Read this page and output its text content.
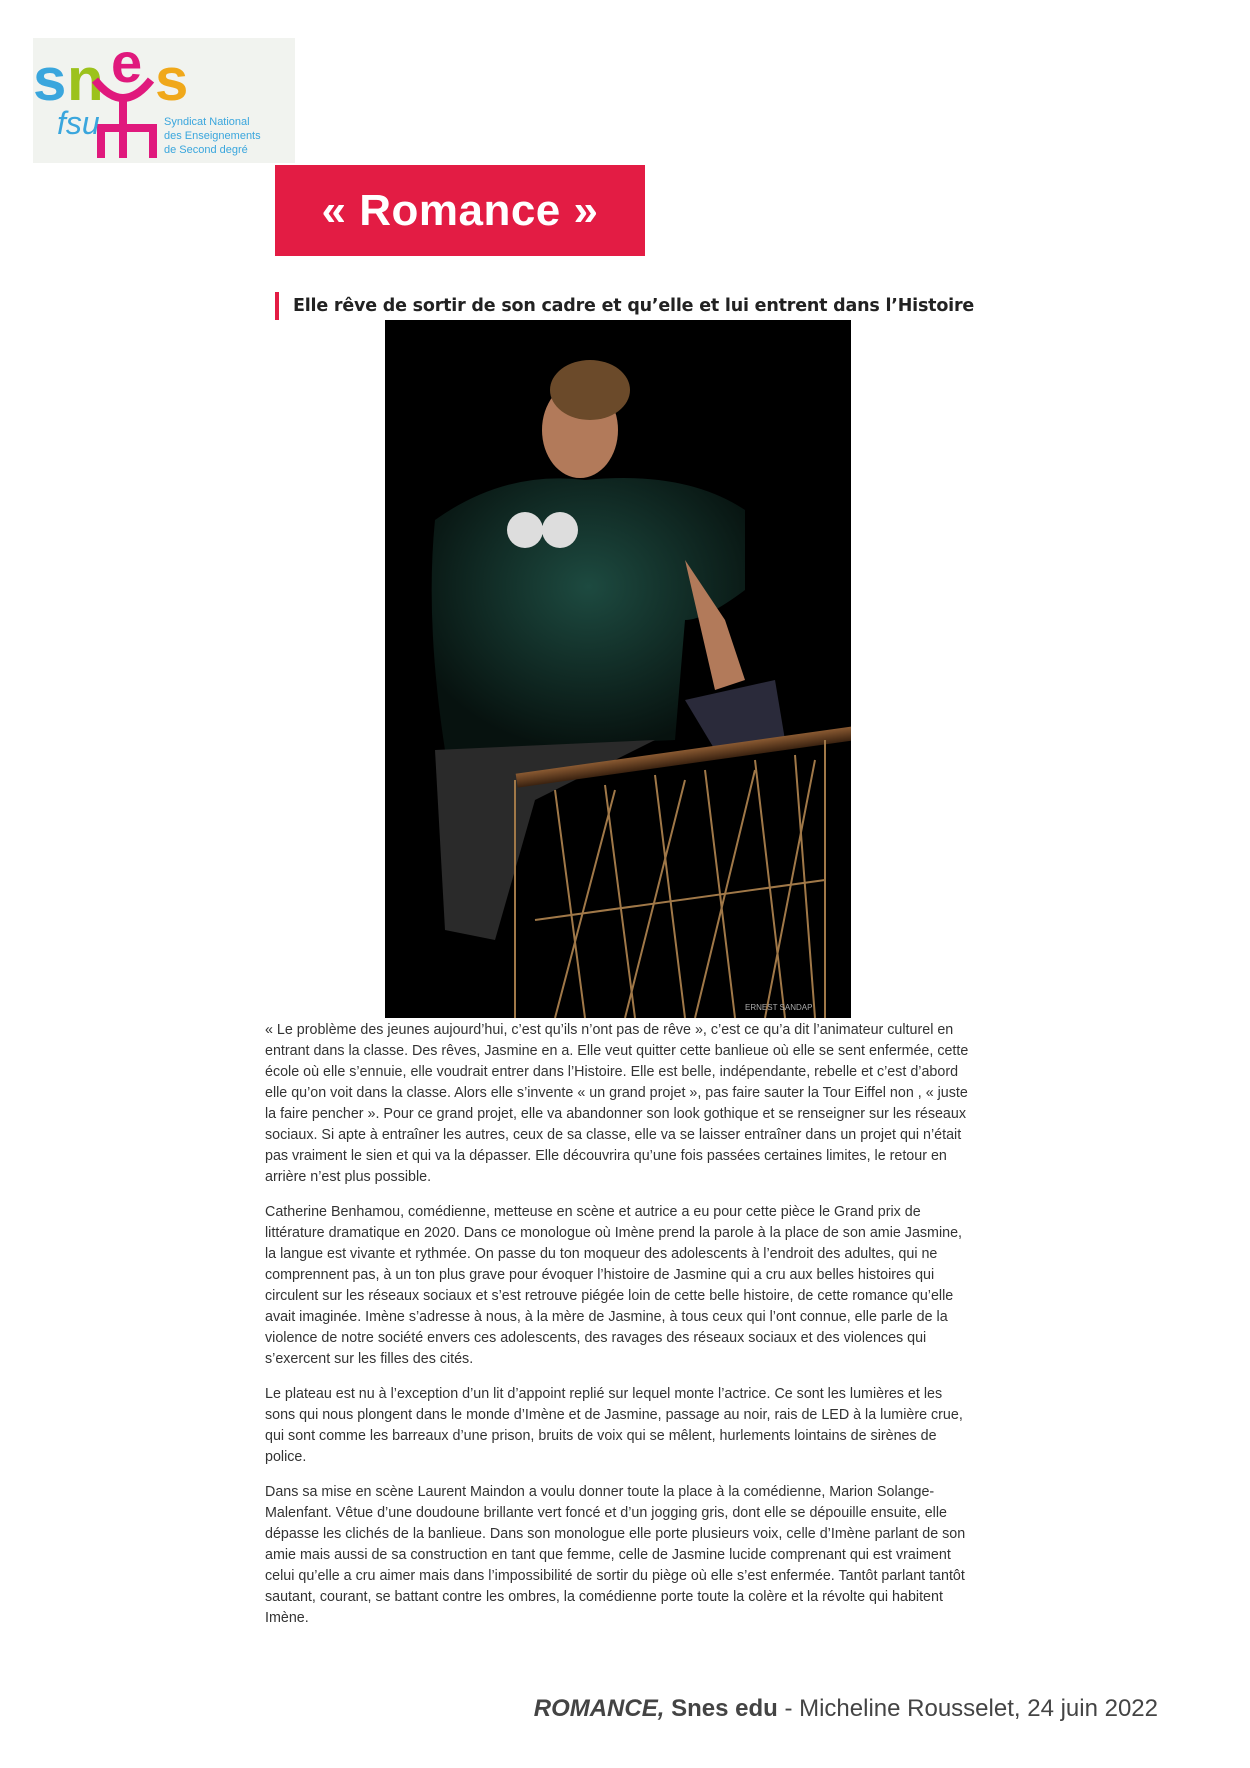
s n e s
fsu	Syndicat National
des Enseignements
de Second degré
« Romance »
Elle rêve de sortir de son cadre et qu’elle et lui entrent dans l’Histoire
ERNEST SANDAP

« Le problème des jeunes aujourd’hui, c’est qu’ils n’ont pas de rêve », c’est ce qu’a dit l’animateur culturel en entrant dans la classe. Des rêves, Jasmine en a. Elle veut quitter cette banlieue où elle se sent enfermée, cette école où elle s’ennuie, elle voudrait entrer dans l’Histoire. Elle est belle, indépendante, rebelle et c’est d’abord elle qu’on voit dans la classe. Alors elle s’invente « un grand projet », pas faire sauter la Tour Eiffel non , « juste la faire pencher ». Pour ce grand projet, elle va abandonner son look gothique et se renseigner sur les réseaux sociaux. Si apte à entraîner les autres, ceux de sa classe, elle va se laisser entraîner dans un projet qui n’était pas vraiment le sien et qui va la dépasser. Elle découvrira qu’une fois passées certaines limites, le retour en arrière n’est plus possible.

Catherine Benhamou, comédienne, metteuse en scène et autrice a eu pour cette pièce le Grand prix de littérature dramatique en 2020. Dans ce monologue où Imène prend la parole à la place de son amie Jasmine, la langue est vivante et rythmée. On passe du ton moqueur des adolescents à l’endroit des adultes, qui ne comprennent pas, à un ton plus grave pour évoquer l’histoire de Jasmine qui a cru aux belles histoires qui circulent sur les réseaux sociaux et s’est retrouve piégée loin de cette belle histoire, de cette romance qu’elle avait imaginée. Imène s’adresse à nous, à la mère de Jasmine, à tous ceux qui l’ont connue, elle parle de la violence de notre société envers ces adolescents, des ravages des réseaux sociaux et des violences qui s’exercent sur les filles des cités.

Le plateau est nu à l’exception d’un lit d’appoint replié sur lequel monte l’actrice. Ce sont les lumières et les sons qui nous plongent dans le monde d’Imène et de Jasmine, passage au noir, rais de LED à la lumière crue, qui sont comme les barreaux d’une prison, bruits de voix qui se mêlent, hurlements lointains de sirènes de police.

Dans sa mise en scène Laurent Maindon a voulu donner toute la place à la comédienne, Marion Solange-Malenfant. Vêtue d’une doudoune brillante vert foncé et d’un jogging gris, dont elle se dépouille ensuite, elle dépasse les clichés de la banlieue. Dans son monologue elle porte plusieurs voix, celle d’Imène parlant de son amie mais aussi de sa construction en tant que femme, celle de Jasmine lucide comprenant qui est vraiment celui qu’elle a cru aimer mais dans l’impossibilité de sortir du piège où elle s’est enfermée. Tantôt parlant tantôt sautant, courant, se battant contre les ombres, la comédienne porte toute la colère et la révolte qui habitent Imène.

ROMANCE, Snes edu - Micheline Rousselet, 24 juin 2022
